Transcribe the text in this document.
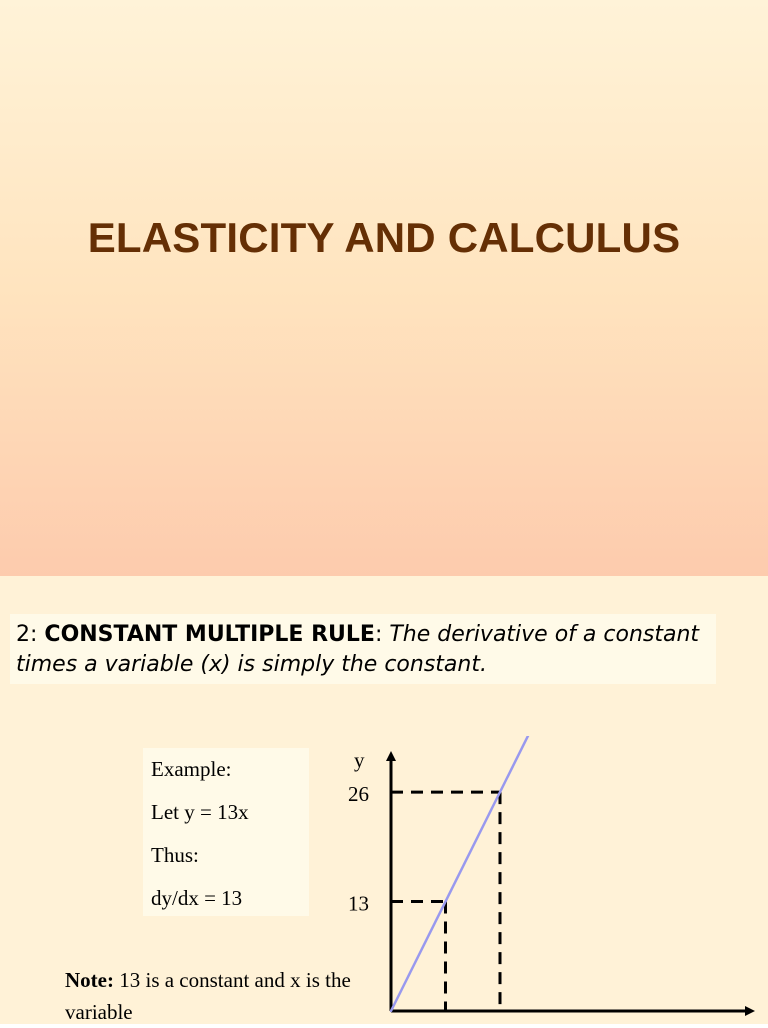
ELASTICITY AND CALCULUS
2: CONSTANT MULTIPLE RULE: The derivative of a constant times a variable (x) is simply the constant.
Example:
Let y = 13x
Thus:
dy/dx = 13
Note: 13 is a constant and x is the variable
y
26
13
